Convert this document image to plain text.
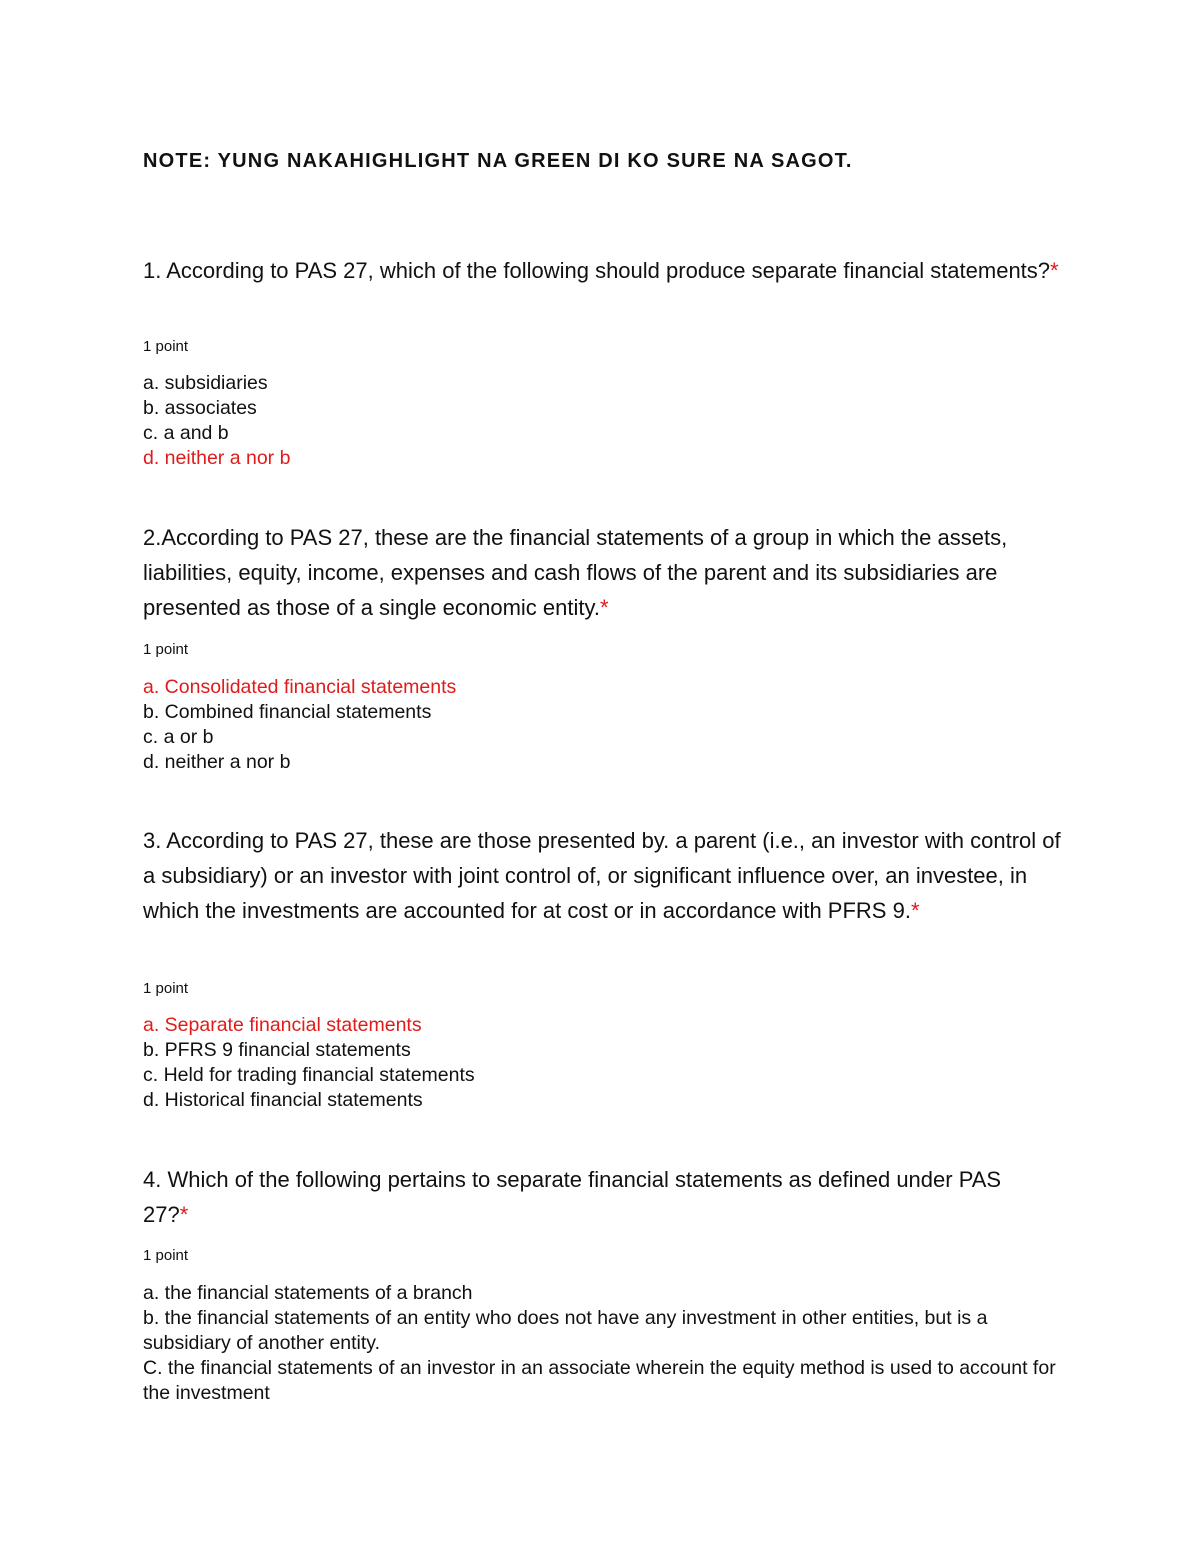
NOTE: YUNG NAKAHIGHLIGHT NA GREEN DI KO SURE NA SAGOT.
1. According to PAS 27, which of the following should produce separate financial statements?*
1 point
a. subsidiaries
b. associates
c. a and b
d. neither a nor b
2.According to PAS 27, these are the financial statements of a group in which the assets, liabilities, equity, income, expenses and cash flows of the parent and its subsidiaries are presented as those of a single economic entity.*
1 point
a. Consolidated financial statements
b. Combined financial statements
c. a or b
d. neither a nor b
3. According to PAS 27, these are those presented by. a parent (i.e., an investor with control of a subsidiary) or an investor with joint control of, or significant influence over, an investee, in which the investments are accounted for at cost or in accordance with PFRS 9.*
1 point
a. Separate financial statements
b. PFRS 9 financial statements
c. Held for trading financial statements
d. Historical financial statements
4. Which of the following pertains to separate financial statements as defined under PAS 27?*
1 point
a. the financial statements of a branch
b. the financial statements of an entity who does not have any investment in other entities, but is a subsidiary of another entity.
C. the financial statements of an investor in an associate wherein the equity method is used to account for the investment
